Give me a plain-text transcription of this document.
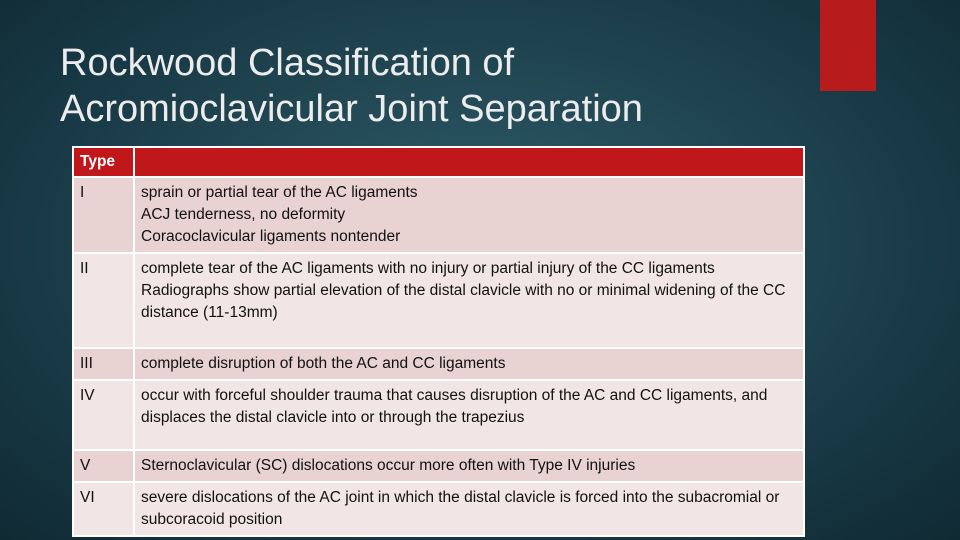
Rockwood Classification of
Acromioclavicular Joint Separation
Type	
I	sprain or partial tear of the AC ligaments
ACJ tenderness, no deformity
Coracoclavicular ligaments nontender

II	complete tear of the AC ligaments with no injury or partial injury of the CC ligaments
Radiographs show partial elevation of the distal clavicle with no or minimal widening of the CC distance (11-13mm)

III	complete disruption of both the AC and CC ligaments

IV	occur with forceful shoulder trauma that causes disruption of the AC and CC ligaments, and displaces the distal clavicle into or through the trapezius

V	Sternoclavicular (SC) dislocations occur more often with Type IV injuries

VI	severe dislocations of the AC joint in which the distal clavicle is forced into the subacromial or subcoracoid position
